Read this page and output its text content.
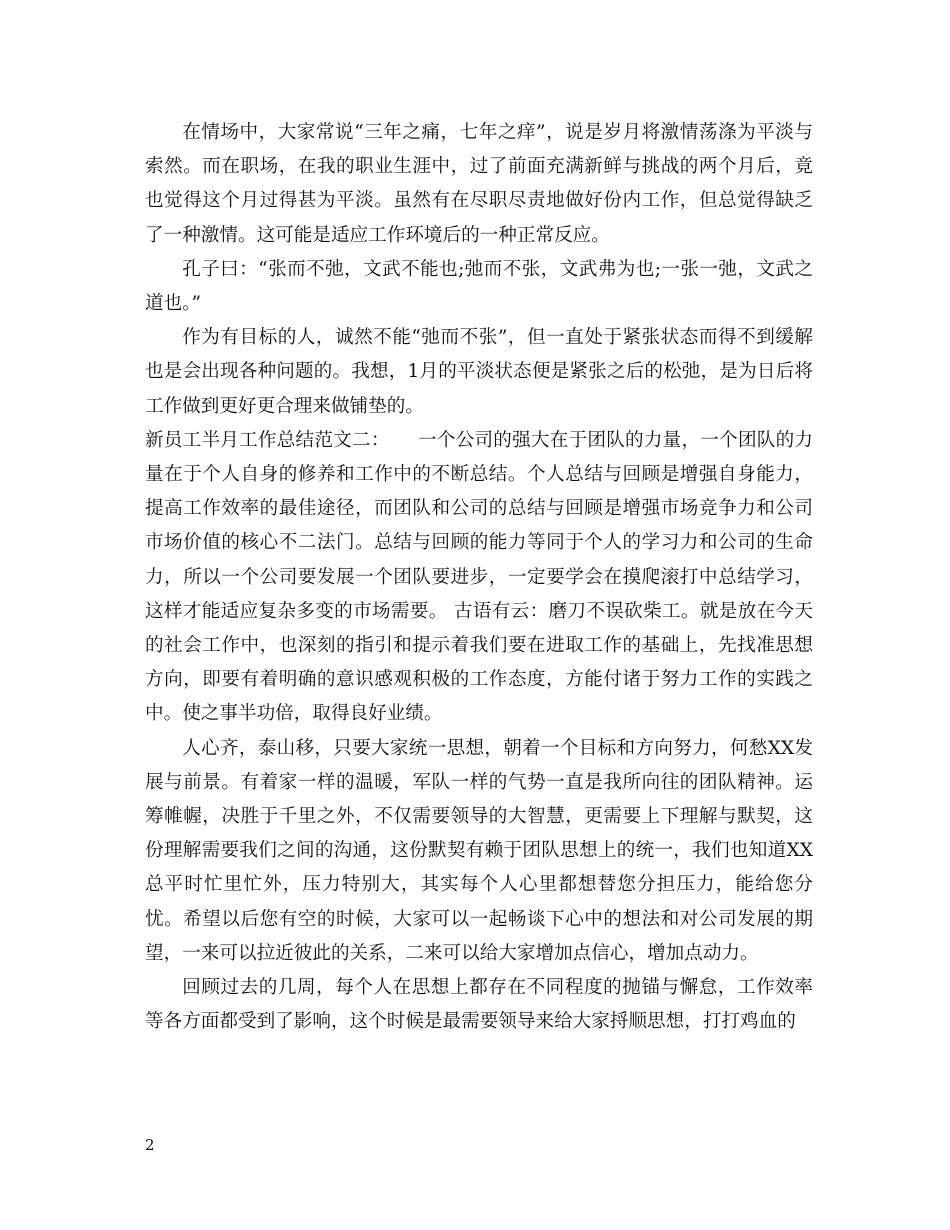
在情场中，大家常说“三年之痛，七年之痒”，说是岁月将激情荡涤为平淡与索然。而在职场，在我的职业生涯中，过了前面充满新鲜与挑战的两个月后，竟也觉得这个月过得甚为平淡。虽然有在尽职尽责地做好份内工作，但总觉得缺乏了一种激情。这可能是适应工作环境后的一种正常反应。

孔子曰：“张而不弛，文武不能也;弛而不张，文武弗为也;一张一弛，文武之道也。”

作为有目标的人，诚然不能“弛而不张”，但一直处于紧张状态而得不到缓解也是会出现各种问题的。我想，1月的平淡状态便是紧张之后的松弛，是为日后将工作做到更好更合理来做铺垫的。

新员工半月工作总结范文二：　　一个公司的强大在于团队的力量，一个团队的力量在于个人自身的修养和工作中的不断总结。个人总结与回顾是增强自身能力，提高工作效率的最佳途径，而团队和公司的总结与回顾是增强市场竞争力和公司市场价值的核心不二法门。总结与回顾的能力等同于个人的学习力和公司的生命力，所以一个公司要发展一个团队要进步，一定要学会在摸爬滚打中总结学习，这样才能适应复杂多变的市场需要。 古语有云：磨刀不误砍柴工。就是放在今天的社会工作中，也深刻的指引和提示着我们要在进取工作的基础上，先找准思想方向，即要有着明确的意识感观积极的工作态度，方能付诸于努力工作的实践之中。使之事半功倍，取得良好业绩。

人心齐，泰山移，只要大家统一思想，朝着一个目标和方向努力，何愁XX发展与前景。有着家一样的温暖，军队一样的气势一直是我所向往的团队精神。运筹帷幄，决胜于千里之外，不仅需要领导的大智慧，更需要上下理解与默契，这份理解需要我们之间的沟通，这份默契有赖于团队思想上的统一，我们也知道XX总平时忙里忙外，压力特别大，其实每个人心里都想替您分担压力，能给您分忧。希望以后您有空的时候，大家可以一起畅谈下心中的想法和对公司发展的期望，一来可以拉近彼此的关系，二来可以给大家增加点信心，增加点动力。

回顾过去的几周，每个人在思想上都存在不同程度的抛锚与懈怠，工作效率等各方面都受到了影响，这个时候是最需要领导来给大家捋顺思想，打打鸡血的

2
